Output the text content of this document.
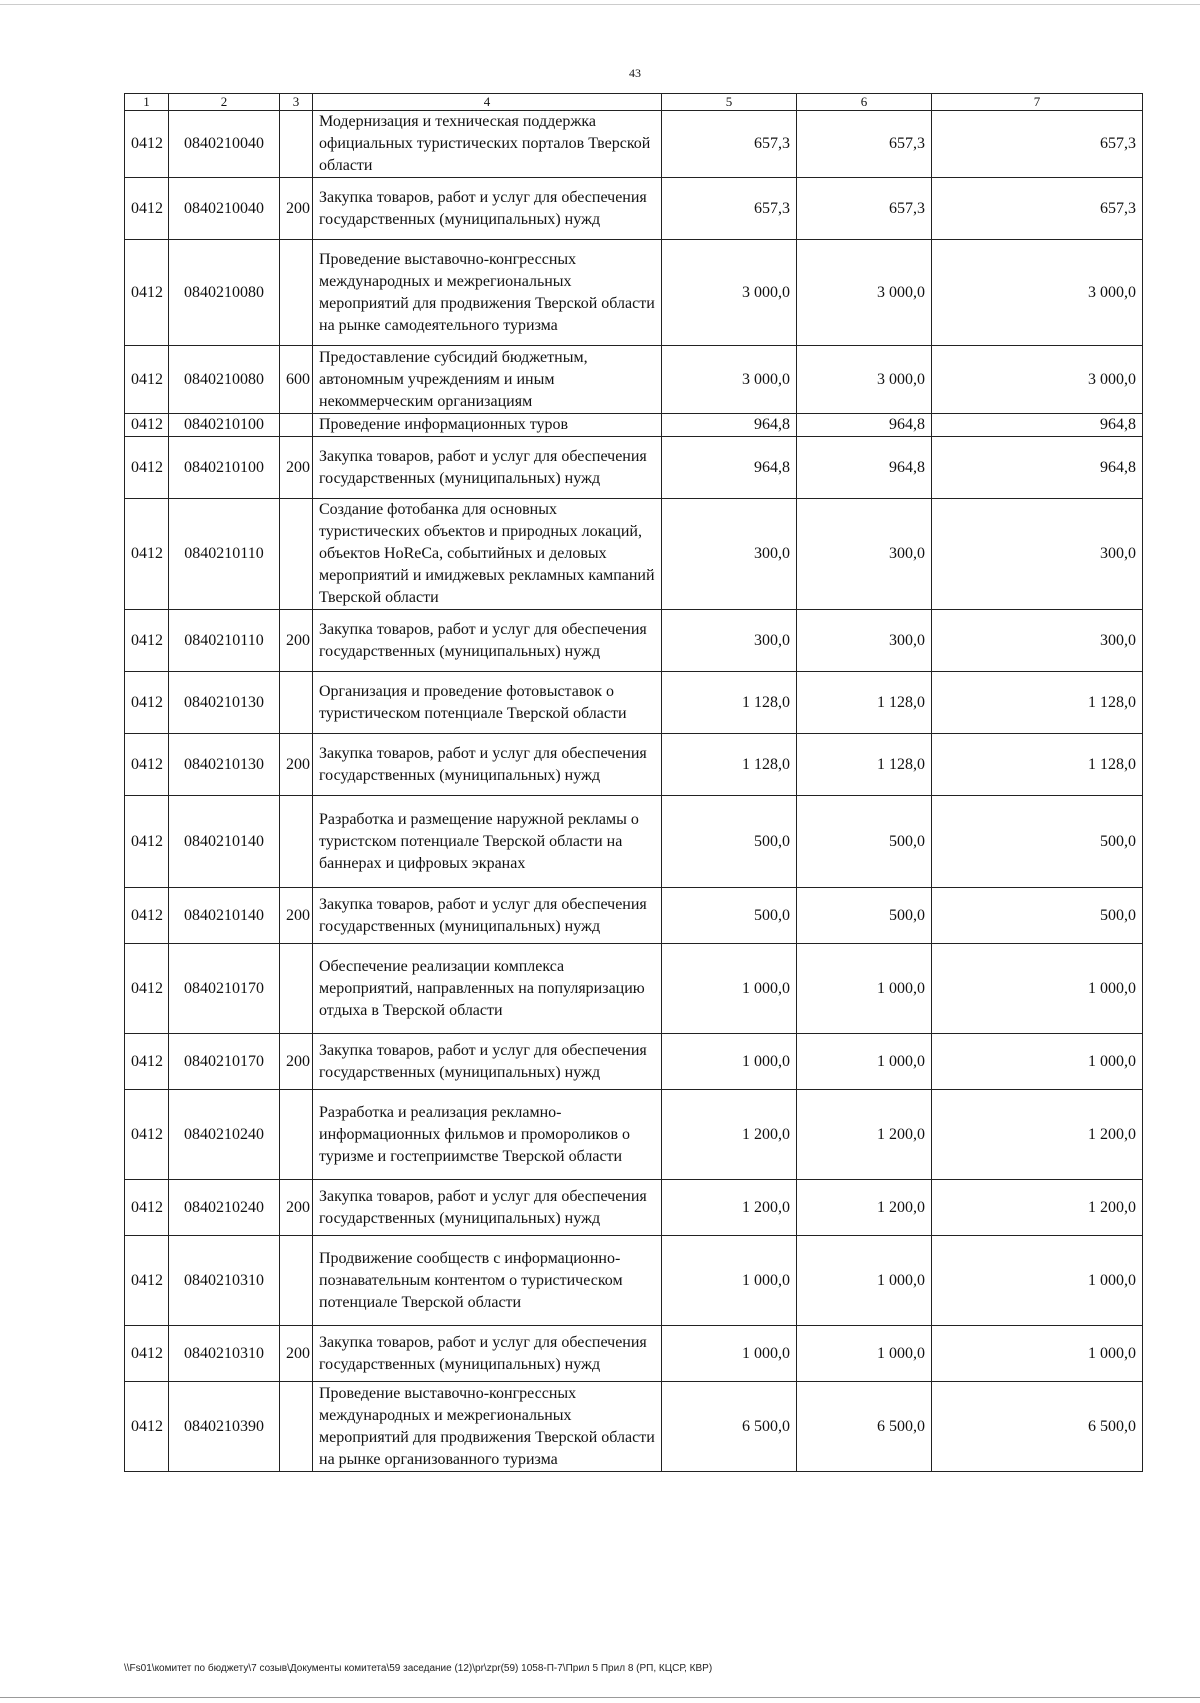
43
1	2	3	4	5	6	7
0412	0840210040		Модернизация и техническая поддержка официальных туристических порталов Тверской области	657,3	657,3	657,3
0412	0840210040	200	Закупка товаров, работ и услуг для обеспечения государственных (муниципальных) нужд	657,3	657,3	657,3
0412	0840210080		Проведение выставочно-конгрессных международных и межрегиональных мероприятий для продвижения Тверской области на рынке самодеятельного туризма	3 000,0	3 000,0	3 000,0
0412	0840210080	600	Предоставление субсидий бюджетным, автономным учреждениям и иным некоммерческим организациям	3 000,0	3 000,0	3 000,0
0412	0840210100		Проведение информационных туров	964,8	964,8	964,8
0412	0840210100	200	Закупка товаров, работ и услуг для обеспечения государственных (муниципальных) нужд	964,8	964,8	964,8
0412	0840210110		Создание фотобанка для основных туристических объектов и природных локаций, объектов HoReCa, событийных и деловых мероприятий и имиджевых рекламных кампаний Тверской области	300,0	300,0	300,0
0412	0840210110	200	Закупка товаров, работ и услуг для обеспечения государственных (муниципальных) нужд	300,0	300,0	300,0
0412	0840210130		Организация и проведение фотовыставок о туристическом потенциале Тверской области	1 128,0	1 128,0	1 128,0
0412	0840210130	200	Закупка товаров, работ и услуг для обеспечения государственных (муниципальных) нужд	1 128,0	1 128,0	1 128,0
0412	0840210140		Разработка и размещение наружной рекламы о туристском потенциале Тверской области на баннерах и цифровых экранах	500,0	500,0	500,0
0412	0840210140	200	Закупка товаров, работ и услуг для обеспечения государственных (муниципальных) нужд	500,0	500,0	500,0
0412	0840210170		Обеспечение реализации комплекса мероприятий, направленных на популяризацию отдыха в Тверской области	1 000,0	1 000,0	1 000,0
0412	0840210170	200	Закупка товаров, работ и услуг для обеспечения государственных (муниципальных) нужд	1 000,0	1 000,0	1 000,0
0412	0840210240		Разработка и реализация рекламно-информационных фильмов и промороликов о туризме и гостеприимстве Тверской области	1 200,0	1 200,0	1 200,0
0412	0840210240	200	Закупка товаров, работ и услуг для обеспечения государственных (муниципальных) нужд	1 200,0	1 200,0	1 200,0
0412	0840210310		Продвижение сообществ с информационно-познавательным контентом о туристическом потенциале Тверской области	1 000,0	1 000,0	1 000,0
0412	0840210310	200	Закупка товаров, работ и услуг для обеспечения государственных (муниципальных) нужд	1 000,0	1 000,0	1 000,0
0412	0840210390		Проведение выставочно-конгрессных международных и межрегиональных мероприятий для продвижения Тверской области на рынке организованного туризма	6 500,0	6 500,0	6 500,0
\\Fs01\комитет по бюджету\7 созыв\Документы комитета\59 заседание (12)\pr\zpr(59) 1058-П-7\Прил 5 Прил 8 (РП, КЦСР, КВР)
